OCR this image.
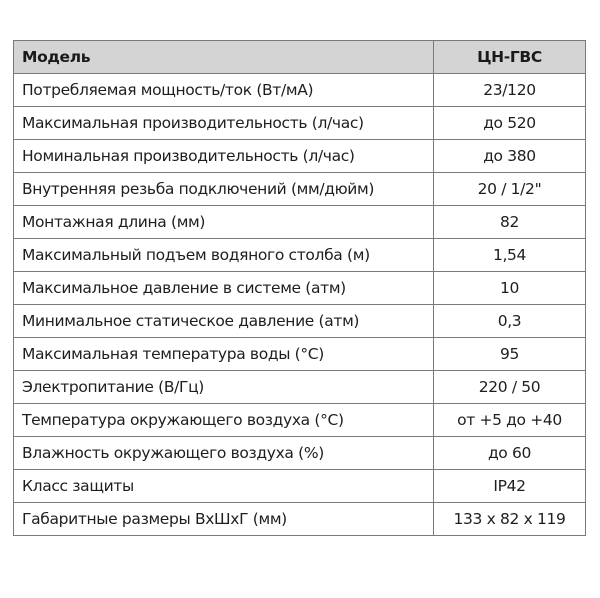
Модель	ЦН-ГВС
Потребляемая мощность/ток (Вт/мА)	23/120
Максимальная производительность (л/час)	до 520
Номинальная производительность (л/час)	до 380
Внутренняя резьба подключений (мм/дюйм)	20 / 1/2"
Монтажная длина (мм)	82
Максимальный подъем водяного столба (м)	1,54
Максимальное давление в системе (атм)	10
Минимальное статическое давление (атм)	0,3
Максимальная температура воды (°С)	95
Электропитание (В/Гц)	220 / 50
Температура окружающего воздуха (°С)	от +5 до +40
Влажность окружающего воздуха (%)	до 60
Класс защиты	IP42
Габаритные размеры ВхШхГ (мм)	133 x 82 x 119
